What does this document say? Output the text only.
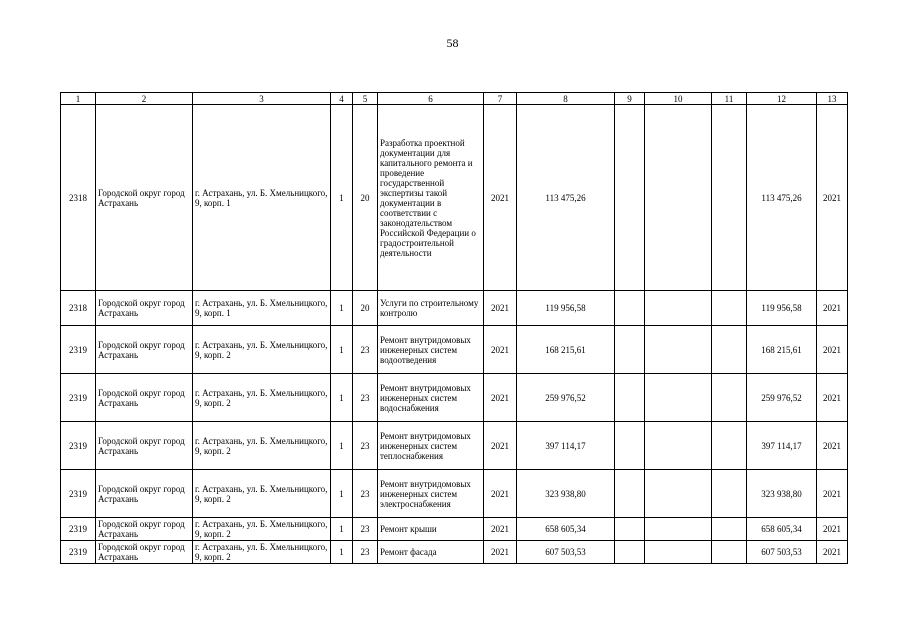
58
1	2	3	4	5	6	7	8	9	10	11	12	13
2318	Городской округ город Астрахань	г. Астрахань, ул. Б. Хмельницкого, 9, корп. 1	1	20	Разработка проектной документации для капитального ремонта и проведение государственной экспертизы такой документации в соответствии с законодательством Российской Федерации о градостроительной деятельности	2021	113 475,26				113 475,26	2021
2318	Городской округ город Астрахань	г. Астрахань, ул. Б. Хмельницкого, 9, корп. 1	1	20	Услуги по строительному контролю	2021	119 956,58				119 956,58	2021
2319	Городской округ город Астрахань	г. Астрахань, ул. Б. Хмельницкого, 9, корп. 2	1	23	Ремонт внутридомовых инженерных систем водоотведения	2021	168 215,61				168 215,61	2021
2319	Городской округ город Астрахань	г. Астрахань, ул. Б. Хмельницкого, 9, корп. 2	1	23	Ремонт внутридомовых инженерных систем водоснабжения	2021	259 976,52				259 976,52	2021
2319	Городской округ город Астрахань	г. Астрахань, ул. Б. Хмельницкого, 9, корп. 2	1	23	Ремонт внутридомовых инженерных систем теплоснабжения	2021	397 114,17				397 114,17	2021
2319	Городской округ город Астрахань	г. Астрахань, ул. Б. Хмельницкого, 9, корп. 2	1	23	Ремонт внутридомовых инженерных систем электроснабжения	2021	323 938,80				323 938,80	2021
2319	Городской округ город Астрахань	г. Астрахань, ул. Б. Хмельницкого, 9, корп. 2	1	23	Ремонт крыши	2021	658 605,34				658 605,34	2021
2319	Городской округ город Астрахань	г. Астрахань, ул. Б. Хмельницкого, 9, корп. 2	1	23	Ремонт фасада	2021	607 503,53				607 503,53	2021
